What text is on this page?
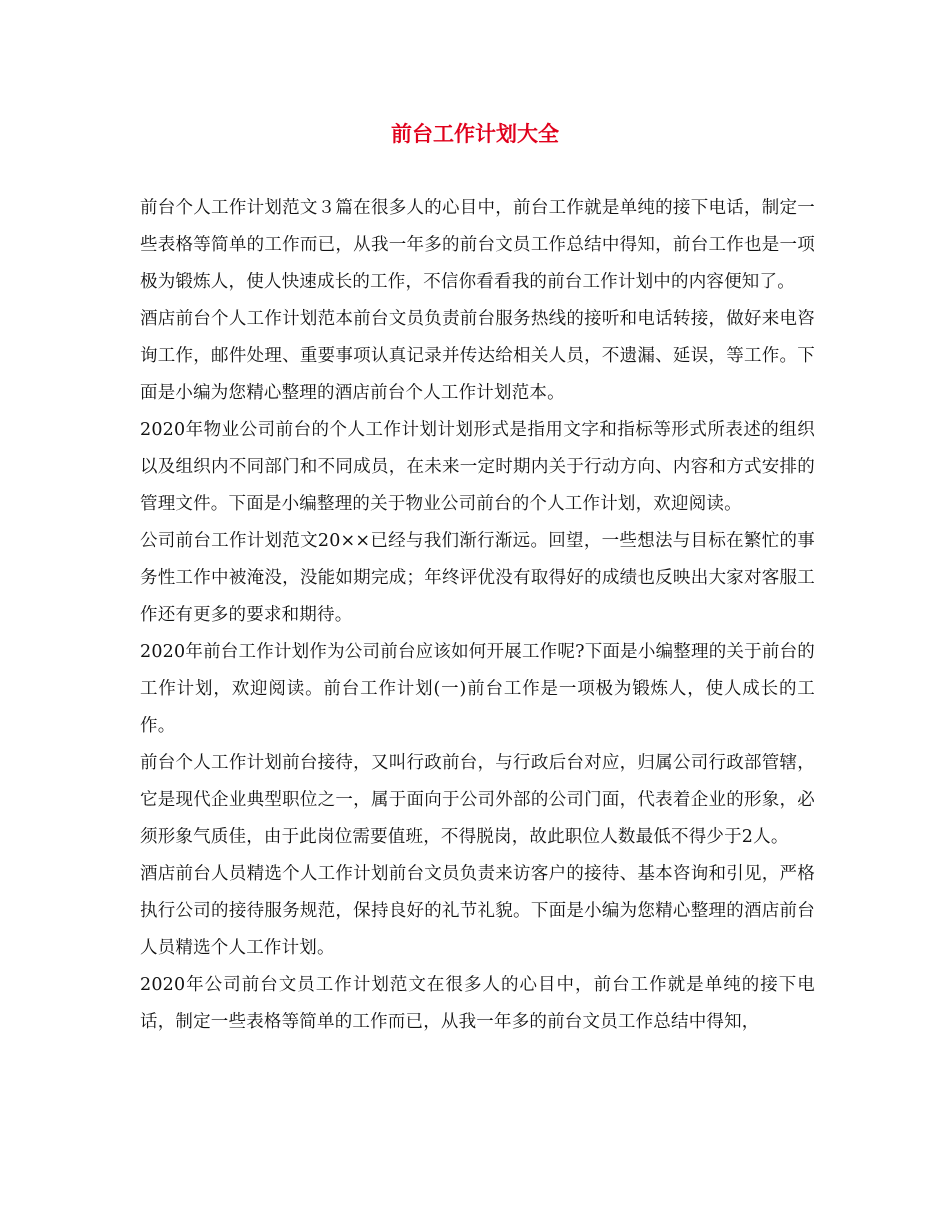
前台工作计划大全

前台个人工作计划范文３篇在很多人的心目中，前台工作就是单纯的接下电话，制定一些表格等简单的工作而已，从我一年多的前台文员工作总结中得知，前台工作也是一项极为锻炼人，使人快速成长的工作，不信你看看我的前台工作计划中的内容便知了。

酒店前台个人工作计划范本前台文员负责前台服务热线的接听和电话转接，做好来电咨询工作，邮件处理、重要事项认真记录并传达给相关人员，不遗漏、延误，等工作。下面是小编为您精心整理的酒店前台个人工作计划范本。

2020年物业公司前台的个人工作计划计划形式是指用文字和指标等形式所表述的组织以及组织内不同部门和不同成员，在未来一定时期内关于行动方向、内容和方式安排的管理文件。下面是小编整理的关于物业公司前台的个人工作计划，欢迎阅读。

公司前台工作计划范文20××已经与我们渐行渐远。回望，一些想法与目标在繁忙的事务性工作中被淹没，没能如期完成；年终评优没有取得好的成绩也反映出大家对客服工作还有更多的要求和期待。

2020年前台工作计划作为公司前台应该如何开展工作呢?下面是小编整理的关于前台的工作计划，欢迎阅读。前台工作计划(一)前台工作是一项极为锻炼人，使人成长的工作。

前台个人工作计划前台接待，又叫行政前台，与行政后台对应，归属公司行政部管辖，它是现代企业典型职位之一，属于面向于公司外部的公司门面，代表着企业的形象，必须形象气质佳，由于此岗位需要值班，不得脱岗，故此职位人数最低不得少于2人。

酒店前台人员精选个人工作计划前台文员负责来访客户的接待、基本咨询和引见，严格执行公司的接待服务规范，保持良好的礼节礼貌。下面是小编为您精心整理的酒店前台人员精选个人工作计划。

2020年公司前台文员工作计划范文在很多人的心目中，前台工作就是单纯的接下电话，制定一些表格等简单的工作而已，从我一年多的前台文员工作总结中得知，
